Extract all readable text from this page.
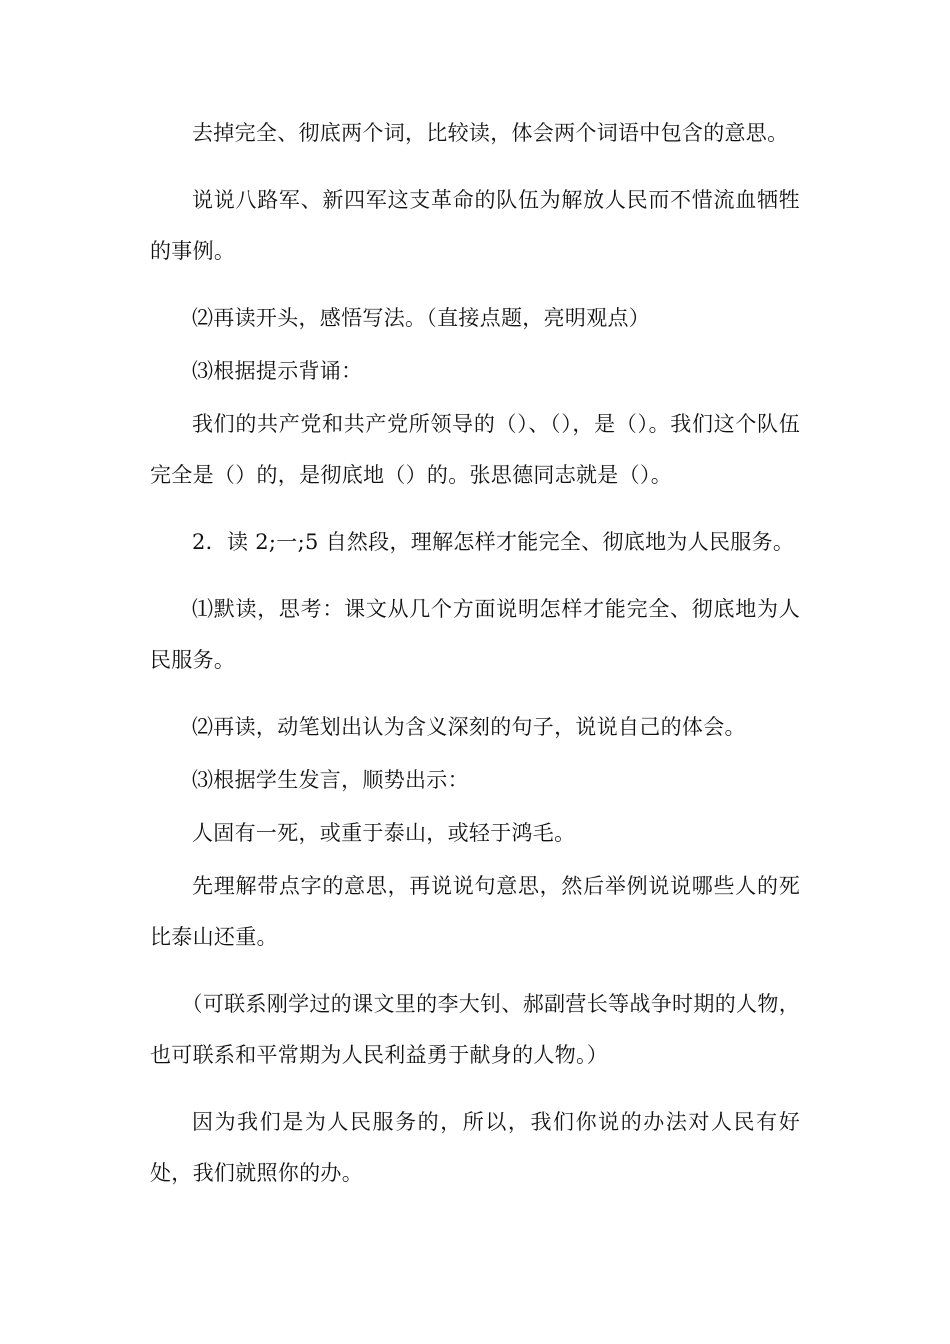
去掉完全、彻底两个词，比较读，体会两个词语中包含的意思。

说说八路军、新四军这支革命的队伍为解放人民而不惜流血牺牲的事例。

⑵再读开头，感悟写法。（直接点题，亮明观点）

⑶根据提示背诵：

我们的共产党和共产党所领导的（）、（），是（）。我们这个队伍完全是（）的，是彻底地（）的。张思德同志就是（）。

2．读 2;一;5 自然段，理解怎样才能完全、彻底地为人民服务。

⑴默读，思考：课文从几个方面说明怎样才能完全、彻底地为人民服务。

⑵再读，动笔划出认为含义深刻的句子，说说自己的体会。

⑶根据学生发言，顺势出示：

人固有一死，或重于泰山，或轻于鸿毛。

先理解带点字的意思，再说说句意思，然后举例说说哪些人的死比泰山还重。

（可联系刚学过的课文里的李大钊、郝副营长等战争时期的人物，也可联系和平常期为人民利益勇于献身的人物。）

因为我们是为人民服务的，所以，我们你说的办法对人民有好处，我们就照你的办。
